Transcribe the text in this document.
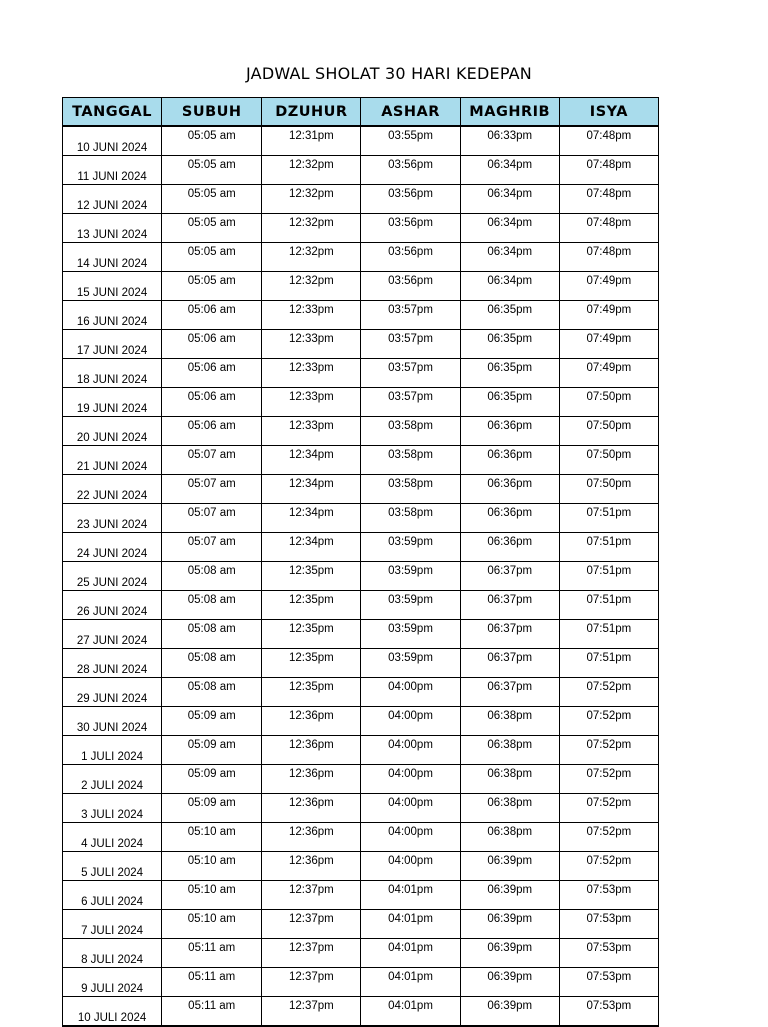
JADWAL SHOLAT 30 HARI KEDEPAN
TANGGAL	SUBUH	DZUHUR	ASHAR	MAGHRIB	ISYA
10 JUNI 2024	05:05 am	12:31pm	03:55pm	06:33pm	07:48pm
11 JUNI 2024	05:05 am	12:32pm	03:56pm	06:34pm	07:48pm
12 JUNI 2024	05:05 am	12:32pm	03:56pm	06:34pm	07:48pm
13 JUNI 2024	05:05 am	12:32pm	03:56pm	06:34pm	07:48pm
14 JUNI 2024	05:05 am	12:32pm	03:56pm	06:34pm	07:48pm
15 JUNI 2024	05:05 am	12:32pm	03:56pm	06:34pm	07:49pm
16 JUNI 2024	05:06 am	12:33pm	03:57pm	06:35pm	07:49pm
17 JUNI 2024	05:06 am	12:33pm	03:57pm	06:35pm	07:49pm
18 JUNI 2024	05:06 am	12:33pm	03:57pm	06:35pm	07:49pm
19 JUNI 2024	05:06 am	12:33pm	03:57pm	06:35pm	07:50pm
20 JUNI 2024	05:06 am	12:33pm	03:58pm	06:36pm	07:50pm
21 JUNI 2024	05:07 am	12:34pm	03:58pm	06:36pm	07:50pm
22 JUNI 2024	05:07 am	12:34pm	03:58pm	06:36pm	07:50pm
23 JUNI 2024	05:07 am	12:34pm	03:58pm	06:36pm	07:51pm
24 JUNI 2024	05:07 am	12:34pm	03:59pm	06:36pm	07:51pm
25 JUNI 2024	05:08 am	12:35pm	03:59pm	06:37pm	07:51pm
26 JUNI 2024	05:08 am	12:35pm	03:59pm	06:37pm	07:51pm
27 JUNI 2024	05:08 am	12:35pm	03:59pm	06:37pm	07:51pm
28 JUNI 2024	05:08 am	12:35pm	03:59pm	06:37pm	07:51pm
29 JUNI 2024	05:08 am	12:35pm	04:00pm	06:37pm	07:52pm
30 JUNI 2024	05:09 am	12:36pm	04:00pm	06:38pm	07:52pm
1 JULI 2024	05:09 am	12:36pm	04:00pm	06:38pm	07:52pm
2 JULI 2024	05:09 am	12:36pm	04:00pm	06:38pm	07:52pm
3 JULI 2024	05:09 am	12:36pm	04:00pm	06:38pm	07:52pm
4 JULI 2024	05:10 am	12:36pm	04:00pm	06:38pm	07:52pm
5 JULI 2024	05:10 am	12:36pm	04:00pm	06:39pm	07:52pm
6 JULI 2024	05:10 am	12:37pm	04:01pm	06:39pm	07:53pm
7 JULI 2024	05:10 am	12:37pm	04:01pm	06:39pm	07:53pm
8 JULI 2024	05:11 am	12:37pm	04:01pm	06:39pm	07:53pm
9 JULI 2024	05:11 am	12:37pm	04:01pm	06:39pm	07:53pm
10 JULI 2024	05:11 am	12:37pm	04:01pm	06:39pm	07:53pm
